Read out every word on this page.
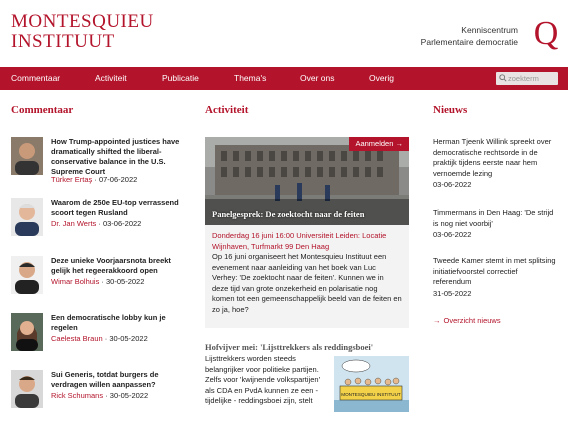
MONTESQUIEU
INSTITUUT
Kenniscentrum
Parlementaire democratie Q
Commentaar	Activiteit	Publicatie	Thema's	Over ons	Overig
zoekterm
Commentaar	Activiteit	Nieuws
How Trump-appointed justices have dramatically shifted the liberal-conservative balance in the U.S. Supreme Court
Türker Ertaş · 07-06-2022
Waarom de 250e EU-top verrassend scoort tegen Rusland
Dr. Jan Werts · 03-06-2022
Deze unieke Voorjaarsnota breekt gelijk het regeerakkoord open
Wimar Bolhuis · 30-05-2022
Een democratische lobby kun je regelen
Caelesta Braun · 30-05-2022
Sui Generis, totdat burgers de verdragen willen aanpassen?
Rick Schumans · 30-05-2022
Aanmelden →
Panelgesprek: De zoektocht naar de feiten
Donderdag 16 juni 16:00 Universiteit Leiden: Locatie Wijnhaven, Turfmarkt 99 Den Haag
Op 16 juni organiseert het Montesquieu Instituut een evenement naar aanleiding van het boek van Luc Verhey: 'De zoektocht naar de feiten'. Kunnen we in deze tijd van grote onzekerheid en polarisatie nog komen tot een gemeenschappelijk beeld van de feiten en zo ja, hoe?
Hofvijver mei: 'Lijsttrekkers als reddingsboei'
Lijsttrekkers worden steeds belangrijker voor politieke partijen. Zelfs voor 'kwijnende volkspartijen' als CDA en PvdA kunnen ze een - tijdelijke - reddingsboei zijn, stelt
MONTESQUIEU INSTITUUT
Herman Tjeenk Willink spreekt over democratische rechtsorde in de praktijk tijdens eerste naar hem vernoemde lezing
03-06-2022
Timmermans in Den Haag: 'De strijd is nog niet voorbij'
03-06-2022
Tweede Kamer stemt in met splitsing initiatiefvoorstel correctief referendum
31-05-2022
→ Overzicht nieuws
